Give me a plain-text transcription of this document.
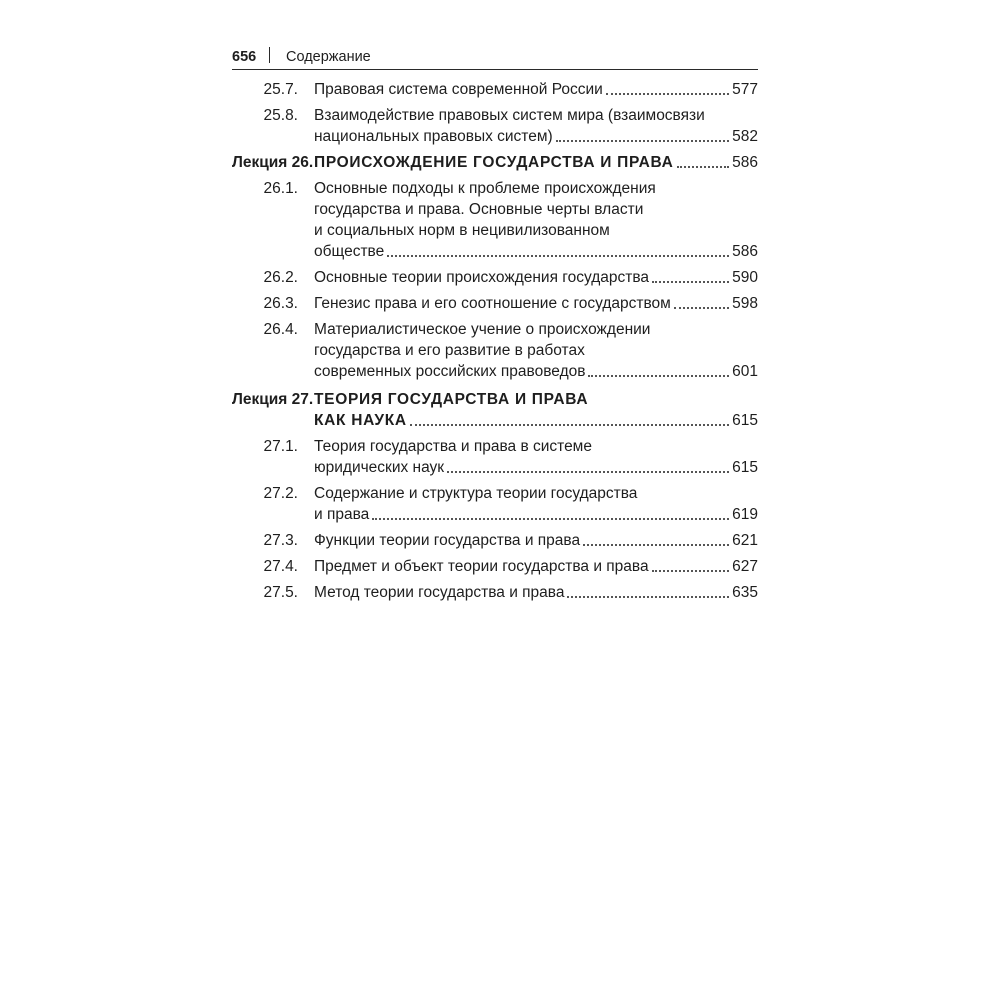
656 Содержание
25.7.	Правовая система современной России	577
25.8.	Взаимодействие правовых систем мира (взаимосвязи
национальных правовых систем)	582
Лекция 26. ПРОИСХОЖДЕНИЕ ГОСУДАРСТВА И ПРАВА	586
26.1.	Основные подходы к проблеме происхождения
государства и права. Основные черты власти
и социальных норм в нецивилизованном
обществе	586
26.2.	Основные теории происхождения государства	590
26.3.	Генезис права и его соотношение с государством	598
26.4.	Материалистическое учение о происхождении
государства и его развитие в работах
современных российских правоведов	601
Лекция 27. ТЕОРИЯ ГОСУДАРСТВА И ПРАВА
КАК НАУКА	615
27.1.	Теория государства и права в системе
юридических наук	615
27.2.	Содержание и структура теории государства
и права	619
27.3.	Функции теории государства и права	621
27.4.	Предмет и объект теории государства и права	627
27.5.	Метод теории государства и права	635
